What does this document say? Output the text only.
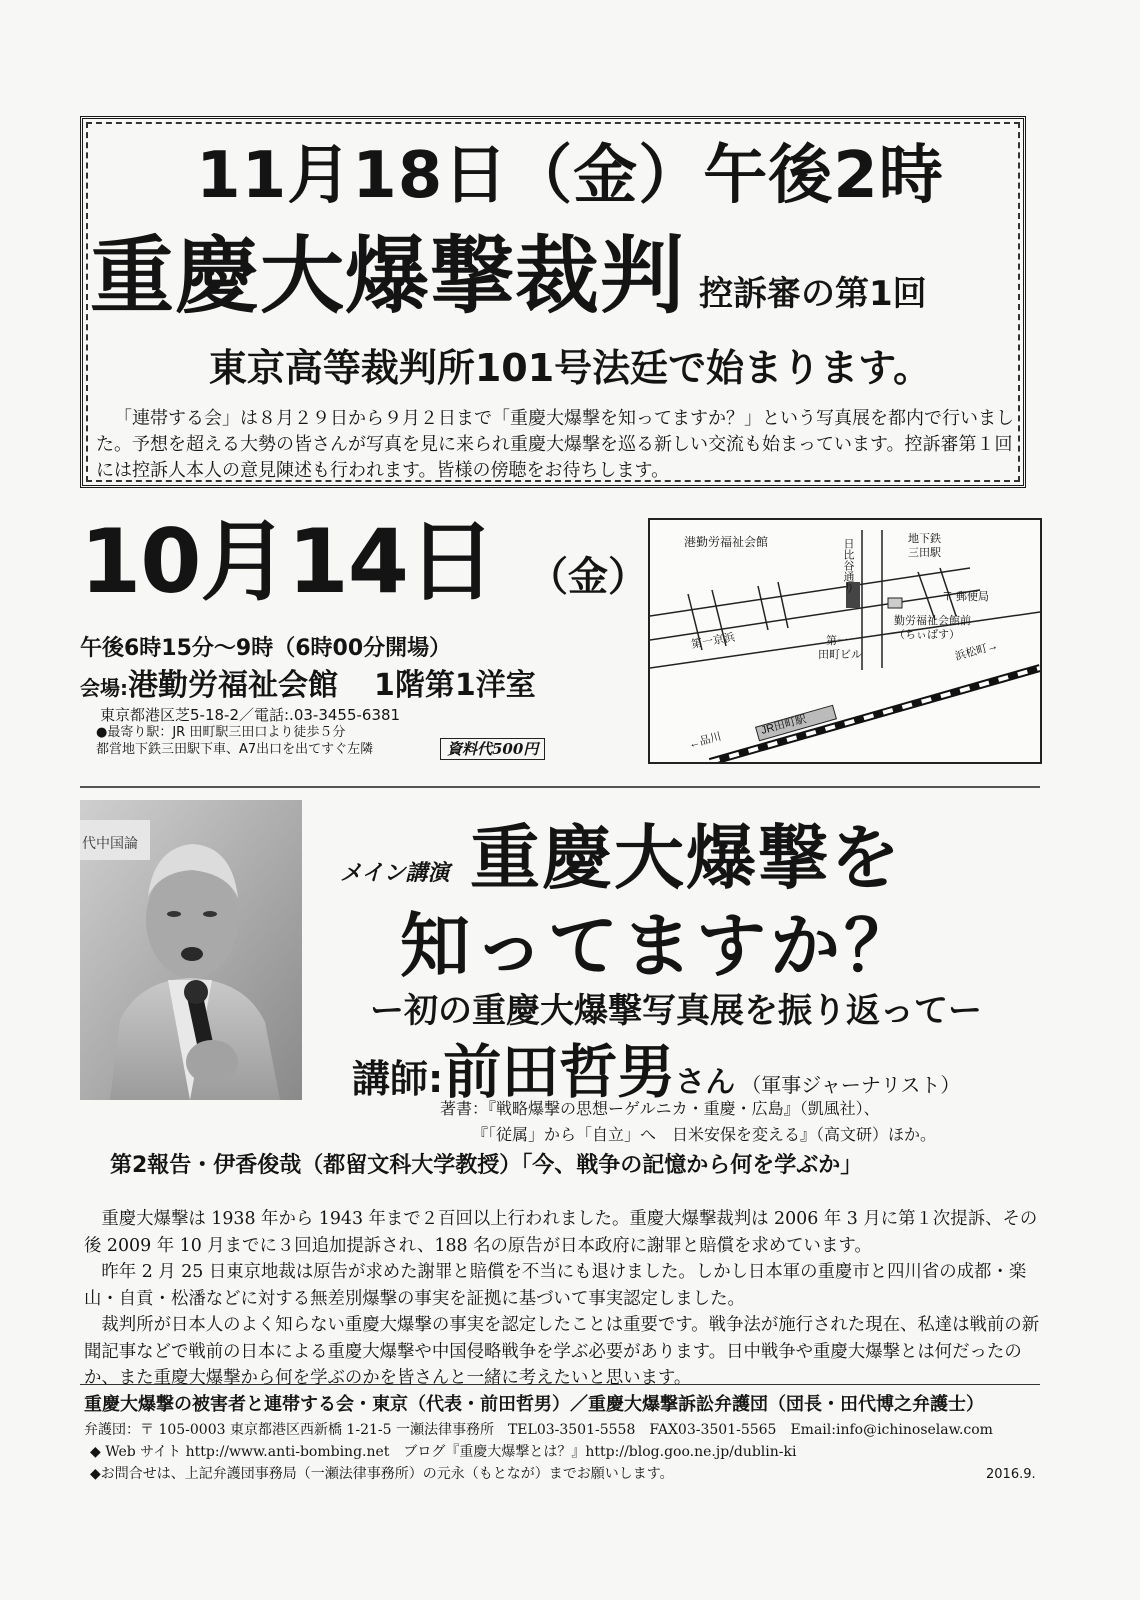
11月18日（金）午後2時
重慶大爆撃裁判 控訴審の第1回
東京高等裁判所101号法廷で始まります。

「連帯する会」は８月２９日から９月２日まで「重慶大爆撃を知ってますか？」という写真展を都内で行いました。予想を超える大勢の皆さんが写真を見に来られ重慶大爆撃を巡る新しい交流も始まっています。控訴審第１回には控訴人本人の意見陳述も行われます。皆様の傍聴をお待ちします。

10月14日 （金）
午後6時15分～9時（6時00分開場）
会場:港勤労福祉会館 1階第1洋室
東京都港区芝5-18-2／電話:.03-3455-6381
●最寄り駅：JR 田町駅三田口より徒歩５分
都営地下鉄三田駅下車、A7出口を出てすぐ左隣	資料代500円
港勤労福祉会館	日比谷通り	地下鉄
三田駅
〒 郵便局
勤労福祉会館前
（ちぃばす）
第一京浜	第一
田町ビル	浜松町→
←品川
JR田町駅
代中国論
メイン講演 重慶大爆撃を
知ってますか？
ー初の重慶大爆撃写真展を振り返ってー
講師:前田哲男さん （軍事ジャーナリスト）
著書：『戦略爆撃の思想ーゲルニカ・重慶・広島』（凱風社）、
『「従属」から「自立」へ　日米安保を変える』（高文研）ほか。
第2報告・伊香俊哉（都留文科大学教授）「今、戦争の記憶から何を学ぶか」

重慶大爆撃は 1938 年から 1943 年まで２百回以上行われました。重慶大爆撃裁判は 2006 年 3 月に第１次提訴、その後 2009 年 10 月までに３回追加提訴され、188 名の原告が日本政府に謝罪と賠償を求めています。

昨年 2 月 25 日東京地裁は原告が求めた謝罪と賠償を不当にも退けました。しかし日本軍の重慶市と四川省の成都・楽山・自貢・松潘などに対する無差別爆撃の事実を証拠に基づいて事実認定しました。

裁判所が日本人のよく知らない重慶大爆撃の事実を認定したことは重要です。戦争法が施行された現在、私達は戦前の新聞記事などで戦前の日本による重慶大爆撃や中国侵略戦争を学ぶ必要があります。日中戦争や重慶大爆撃とは何だったのか、また重慶大爆撃から何を学ぶのかを皆さんと一緒に考えたいと思います。

重慶大爆撃の被害者と連帯する会・東京（代表・前田哲男）／重慶大爆撃訴訟弁護団（団長・田代博之弁護士）
弁護団：〒 105-0003 東京都港区西新橋 1-21-5 一瀬法律事務所　TEL03-3501-5558　FAX03-3501-5565　Email:info@ichinoselaw.com
◆ Web サイト http://www.anti-bombing.net　ブログ『重慶大爆撃とは？』http://blog.goo.ne.jp/dublin-ki
◆お問合せは、上記弁護団事務局（一瀬法律事務所）の元永（もとなが）までお願いします。	2016.9.
